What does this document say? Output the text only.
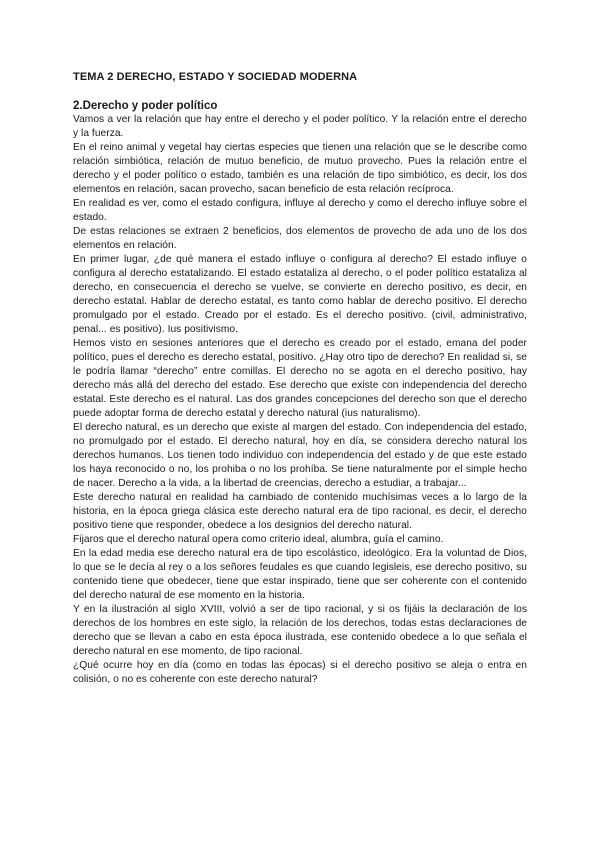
TEMA 2 DERECHO, ESTADO Y SOCIEDAD MODERNA
2.Derecho y poder político

Vamos a ver la relación que hay entre el derecho y el poder político. Y la relación entre el derecho y la fuerza.

En el reino animal y vegetal hay ciertas especies que tienen una relación que se le describe como relación simbiótica, relación de mutuo beneficio, de mutuo provecho. Pues la relación entre el derecho y el poder político o estado, también es una relación de tipo simbiótico, es decir, los dos elementos en relación, sacan provecho, sacan beneficio de esta relación recíproca.

En realidad es ver, como el estado configura, influye al derecho y como el derecho influye sobre el estado.

De estas relaciones se extraen 2 beneficios, dos elementos de provecho de ada uno de los dos elementos en relación.

En primer lugar, ¿de qué manera el estado influye o configura al derecho? El estado influye o configura al derecho estatalizando. El estado estataliza al derecho, o el poder político estataliza al derecho, en consecuencia el derecho se vuelve, se convierte en derecho positivo, es decir, en derecho estatal. Hablar de derecho estatal, es tanto como hablar de derecho positivo. El derecho promulgado por el estado. Creado por el estado. Es el derecho positivo. (civil, administrativo, penal... es positivo). Ius positivismo.

Hemos visto en sesiones anteriores que el derecho es creado por el estado, emana del poder político, pues el derecho es derecho estatal, positivo. ¿Hay otro tipo de derecho? En realidad si, se le podría llamar “derecho” entre comillas. El derecho no se agota en el derecho positivo, hay derecho más allá del derecho del estado. Ese derecho que existe con independencia del derecho estatal. Este derecho es el natural. Las dos grandes concepciones del derecho son que el derecho puede adoptar forma de derecho estatal y derecho natural (ius naturalismo).

El derecho natural, es un derecho que existe al margen del estado. Con independencia del estado, no promulgado por el estado. El derecho natural, hoy en día, se considera derecho natural los derechos humanos. Los tienen todo individuo con independencia del estado y de que este estado los haya reconocido o no, los prohiba o no los prohíba. Se tiene naturalmente por el simple hecho de nacer. Derecho a la vida, a la libertad de creencias, derecho a estudiar, a trabajar...

Este derecho natural en realidad ha cambiado de contenido muchísimas veces a lo largo de la historia, en la época griega clásica este derecho natural era de tipo racional, es decir, el derecho positivo tiene que responder, obedece a los designios del derecho natural.

Fijaros que el derecho natural opera como criterio ideal, alumbra, guía el camino.

En la edad media ese derecho natural era de tipo escolástico, ideológico. Era la voluntad de Dios, lo que se le decía al rey o a los señores feudales es que cuando legisleis, ese derecho positivo, su contenido tiene que obedecer, tiene que estar inspirado, tiene que ser coherente con el contenido del derecho natural de ese momento en la historia.

Y en la ilustración al siglo XVIII, volvió a ser de tipo racional, y si os fijáis la declaración de los derechos de los hombres en este siglo, la relación de los derechos, todas estas declaraciones de derecho que se llevan a cabo en esta época ilustrada, ese contenido obedece a lo que señala el derecho natural en ese momento, de tipo racional.

¿Qué ocurre hoy en día (como en todas las épocas) si el derecho positivo se aleja o entra en colisión, o no es coherente con este derecho natural?
